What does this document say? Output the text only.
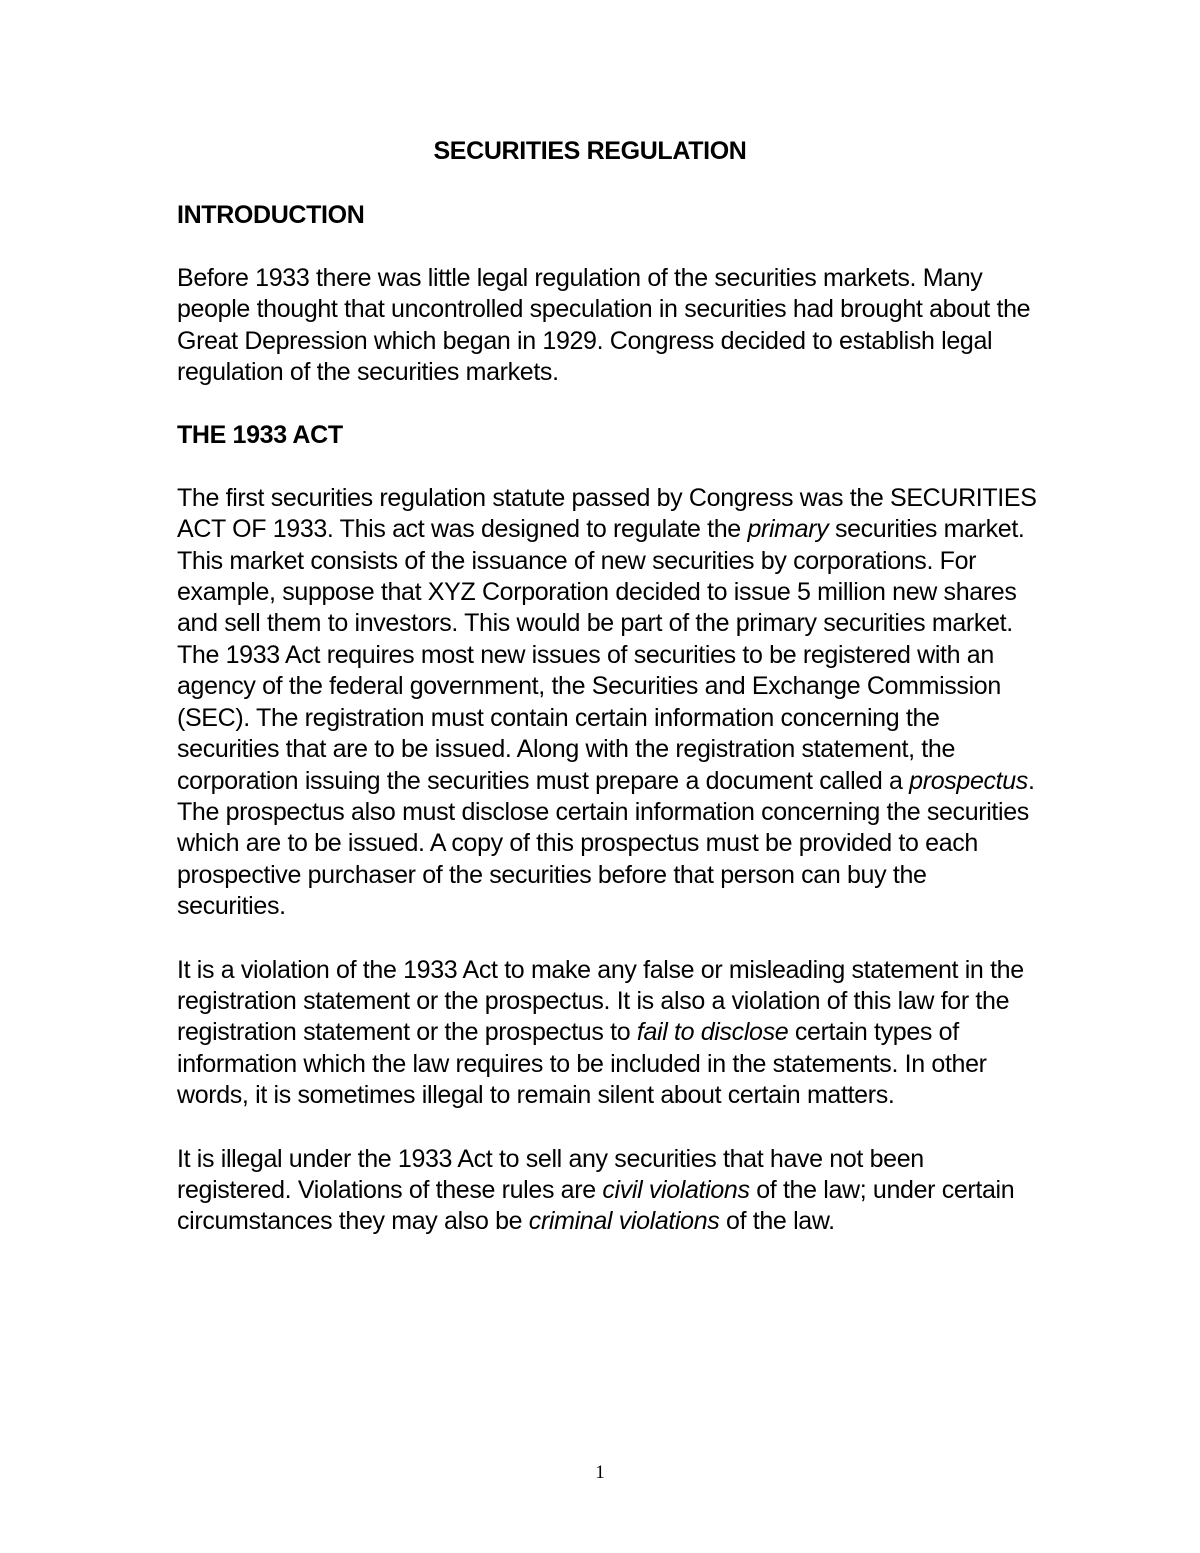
SECURITIES REGULATION
INTRODUCTION

Before 1933 there was little legal regulation of the securities markets. Many people thought that uncontrolled speculation in securities had brought about the Great Depression which began in 1929. Congress decided to establish legal regulation of the securities markets.

THE 1933 ACT

The first securities regulation statute passed by Congress was the SECURITIES ACT OF 1933. This act was designed to regulate the primary securities market. This market consists of the issuance of new securities by corporations. For example, suppose that XYZ Corporation decided to issue 5 million new shares and sell them to investors. This would be part of the primary securities market. The 1933 Act requires most new issues of securities to be registered with an agency of the federal government, the Securities and Exchange Commission (SEC). The registration must contain certain information concerning the securities that are to be issued. Along with the registration statement, the corporation issuing the securities must prepare a document called a prospectus. The prospectus also must disclose certain information concerning the securities which are to be issued. A copy of this prospectus must be provided to each prospective purchaser of the securities before that person can buy the securities.

It is a violation of the 1933 Act to make any false or misleading statement in the registration statement or the prospectus. It is also a violation of this law for the registration statement or the prospectus to fail to disclose certain types of information which the law requires to be included in the statements. In other words, it is sometimes illegal to remain silent about certain matters.

It is illegal under the 1933 Act to sell any securities that have not been registered. Violations of these rules are civil violations of the law; under certain circumstances they may also be criminal violations of the law.

1
